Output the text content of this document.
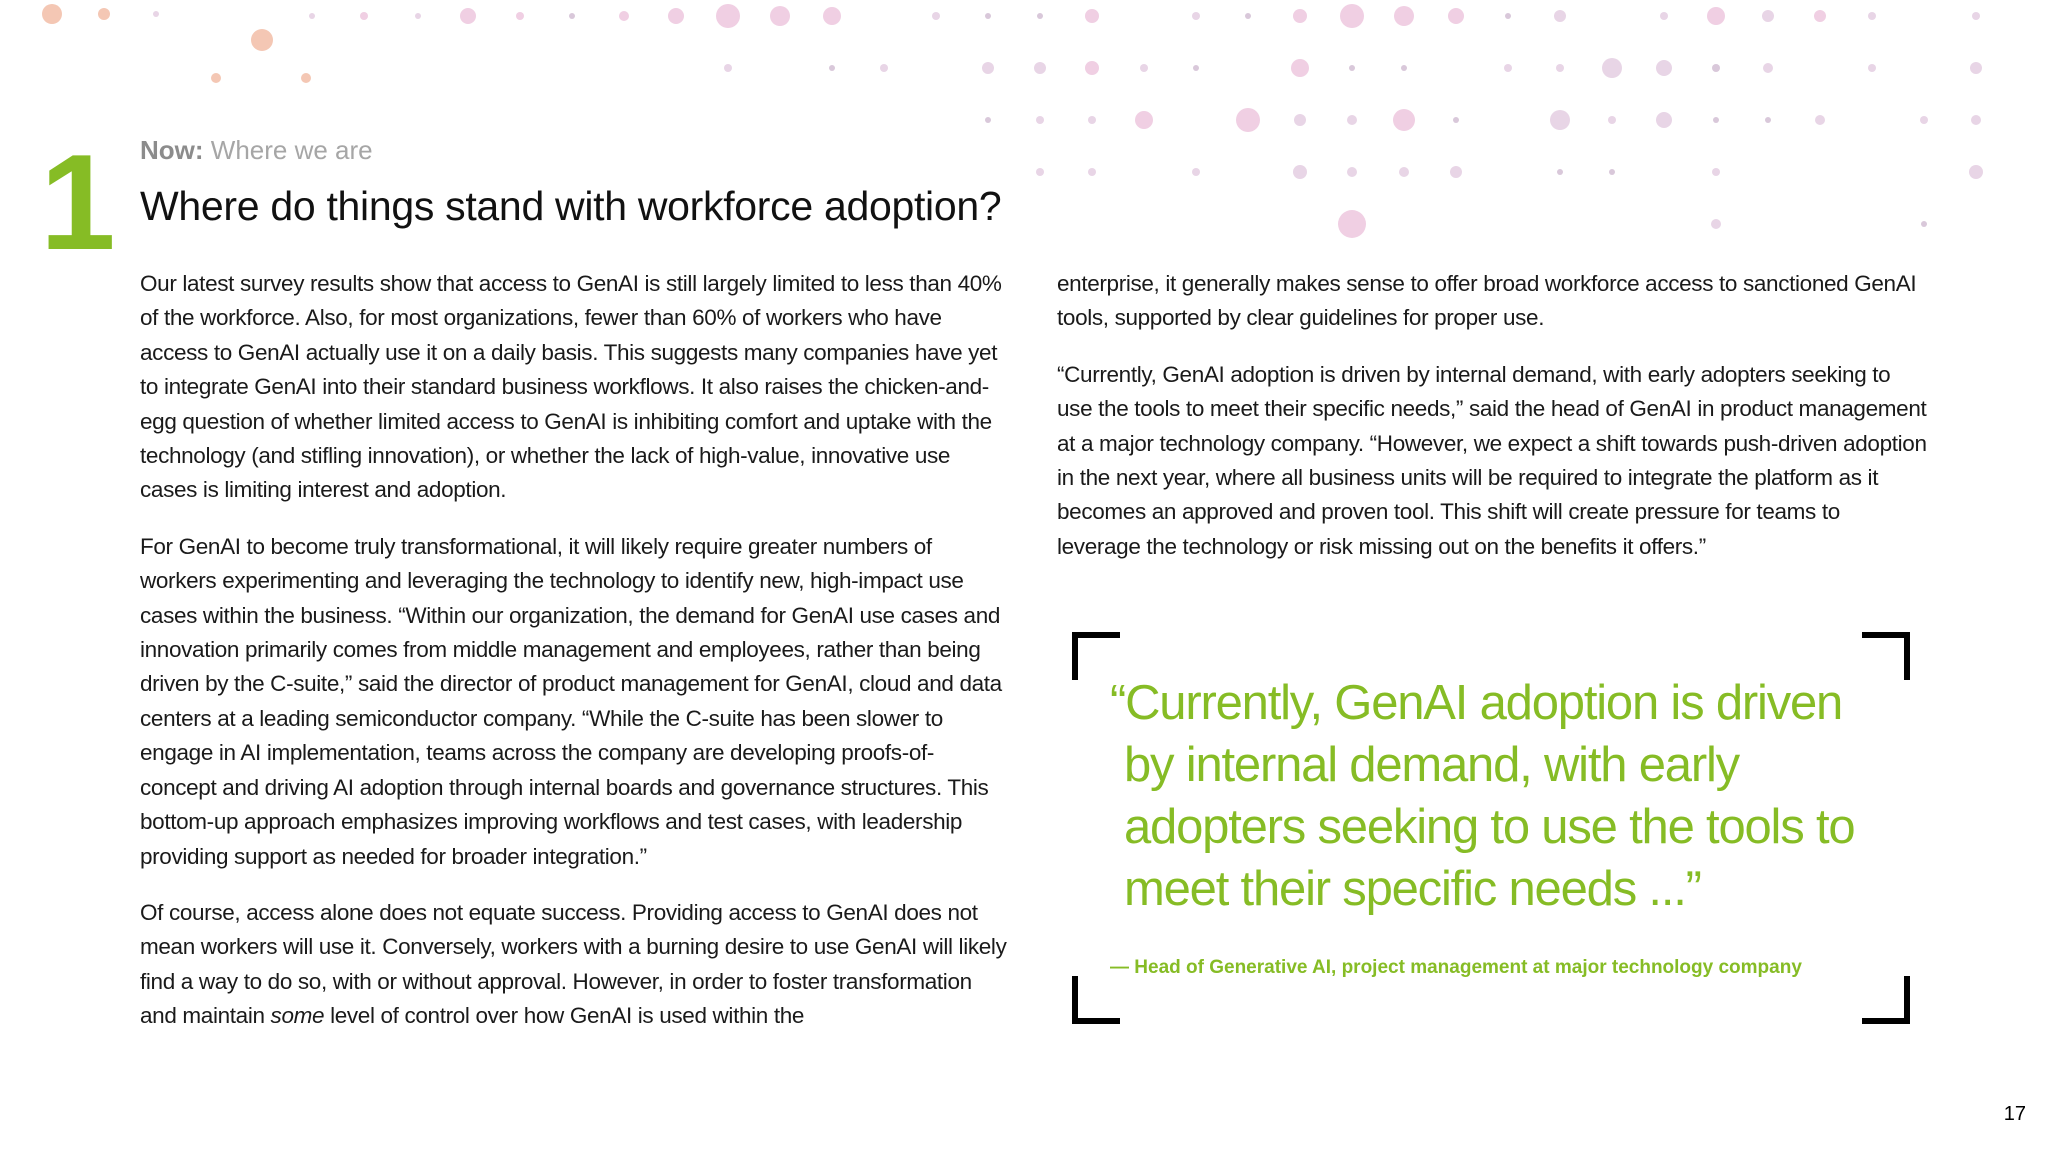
1 Now: Where we are
Where do things stand with workforce adoption?

Our latest survey results show that access to GenAI is still largely limited to less than 40% of the workforce. Also, for most organizations, fewer than 60% of workers who have access to GenAI actually use it on a daily basis. This suggests many companies have yet to integrate GenAI into their standard business workflows. It also raises the chicken-and-egg question of whether limited access to GenAI is inhibiting comfort and uptake with the technology (and stifling innovation), or whether the lack of high-value, innovative use cases is limiting interest and adoption.

For GenAI to become truly transformational, it will likely require greater numbers of workers experimenting and leveraging the technology to identify new, high-impact use cases within the business. “Within our organization, the demand for GenAI use cases and innovation primarily comes from middle management and employees, rather than being driven by the C-suite,” said the director of product management for GenAI, cloud and data centers at a leading semiconductor company. “While the C-suite has been slower to engage in AI implementation, teams across the company are developing proofs-of-concept and driving AI adoption through internal boards and governance structures. This bottom-up approach emphasizes improving workflows and test cases, with leadership providing support as needed for broader integration.”

Of course, access alone does not equate success. Providing access to GenAI does not mean workers will use it. Conversely, workers with a burning desire to use GenAI will likely find a way to do so, with or without approval. However, in order to foster transformation and maintain some level of control over how GenAI is used within the

enterprise, it generally makes sense to offer broad workforce access to sanctioned GenAI tools, supported by clear guidelines for proper use.

“Currently, GenAI adoption is driven by internal demand, with early adopters seeking to use the tools to meet their specific needs,” said the head of GenAI in product management at a major technology company. “However, we expect a shift towards push-driven adoption in the next year, where all business units will be required to integrate the platform as it becomes an approved and proven tool. This shift will create pressure for teams to leverage the technology or risk missing out on the benefits it offers.”

“Currently, GenAI adoption is driven
by internal demand, with early
adopters seeking to use the tools to
meet their specific needs ...”

— Head of Generative AI, project management at major technology company
17
